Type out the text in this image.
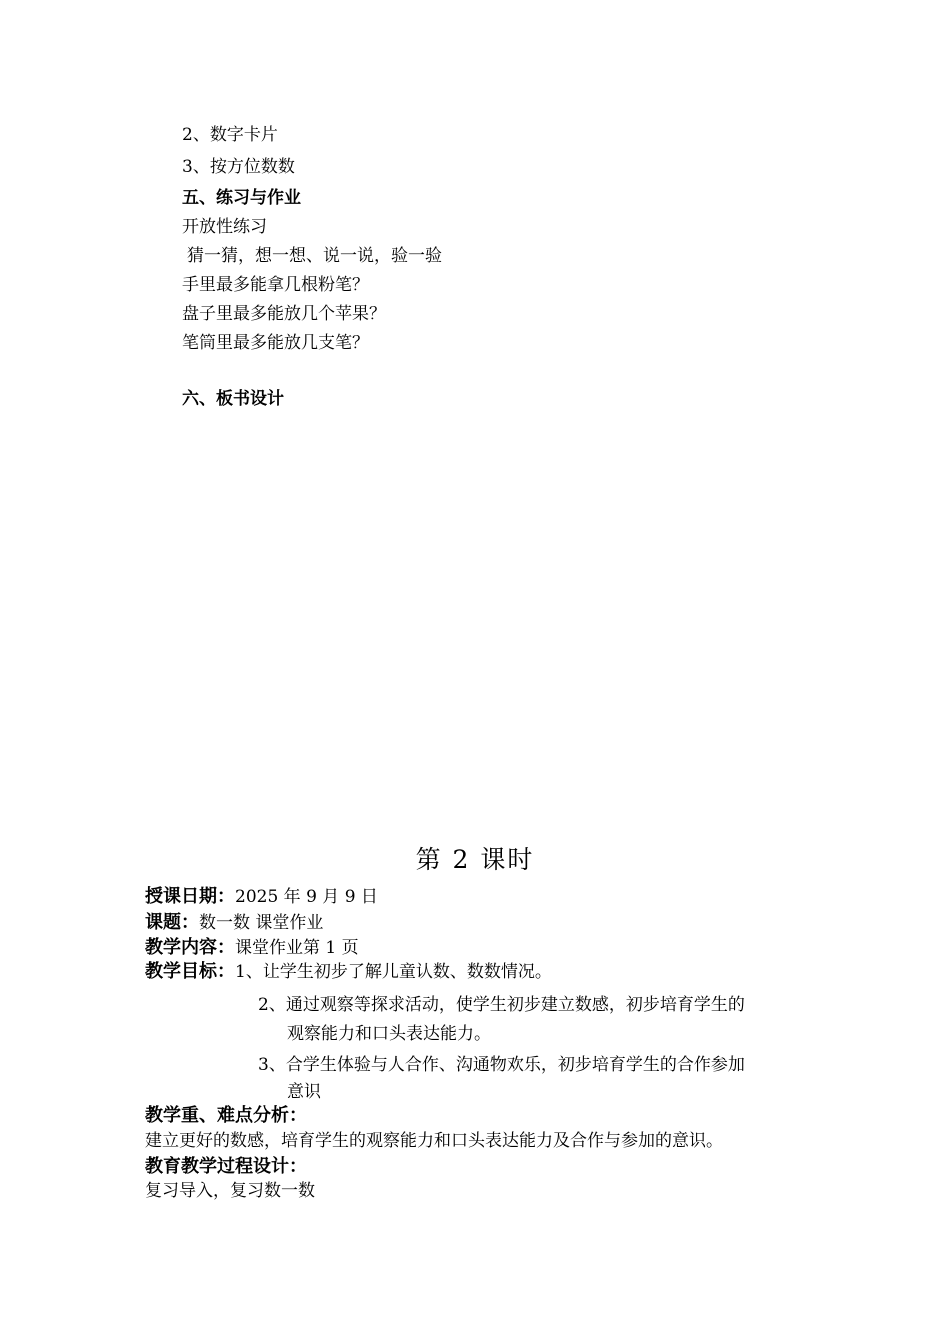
2、数字卡片
3、按方位数数
五、练习与作业
开放性练习
猜一猜，想一想、说一说，验一验
手里最多能拿几根粉笔？
盘子里最多能放几个苹果？
笔筒里最多能放几支笔？
六、板书设计
第 2 课时
授课日期：2025 年 9 月 9 日
课题：数一数 课堂作业
教学内容：课堂作业第 1 页
教学目标：1、让学生初步了解儿童认数、数数情况。
2、通过观察等探求活动，使学生初步建立数感，初步培育学生的
观察能力和口头表达能力。
3、合学生体验与人合作、沟通物欢乐，初步培育学生的合作参加
意识
教学重、难点分析：
建立更好的数感，培育学生的观察能力和口头表达能力及合作与参加的意识。
教育教学过程设计：
复习导入，复习数一数
